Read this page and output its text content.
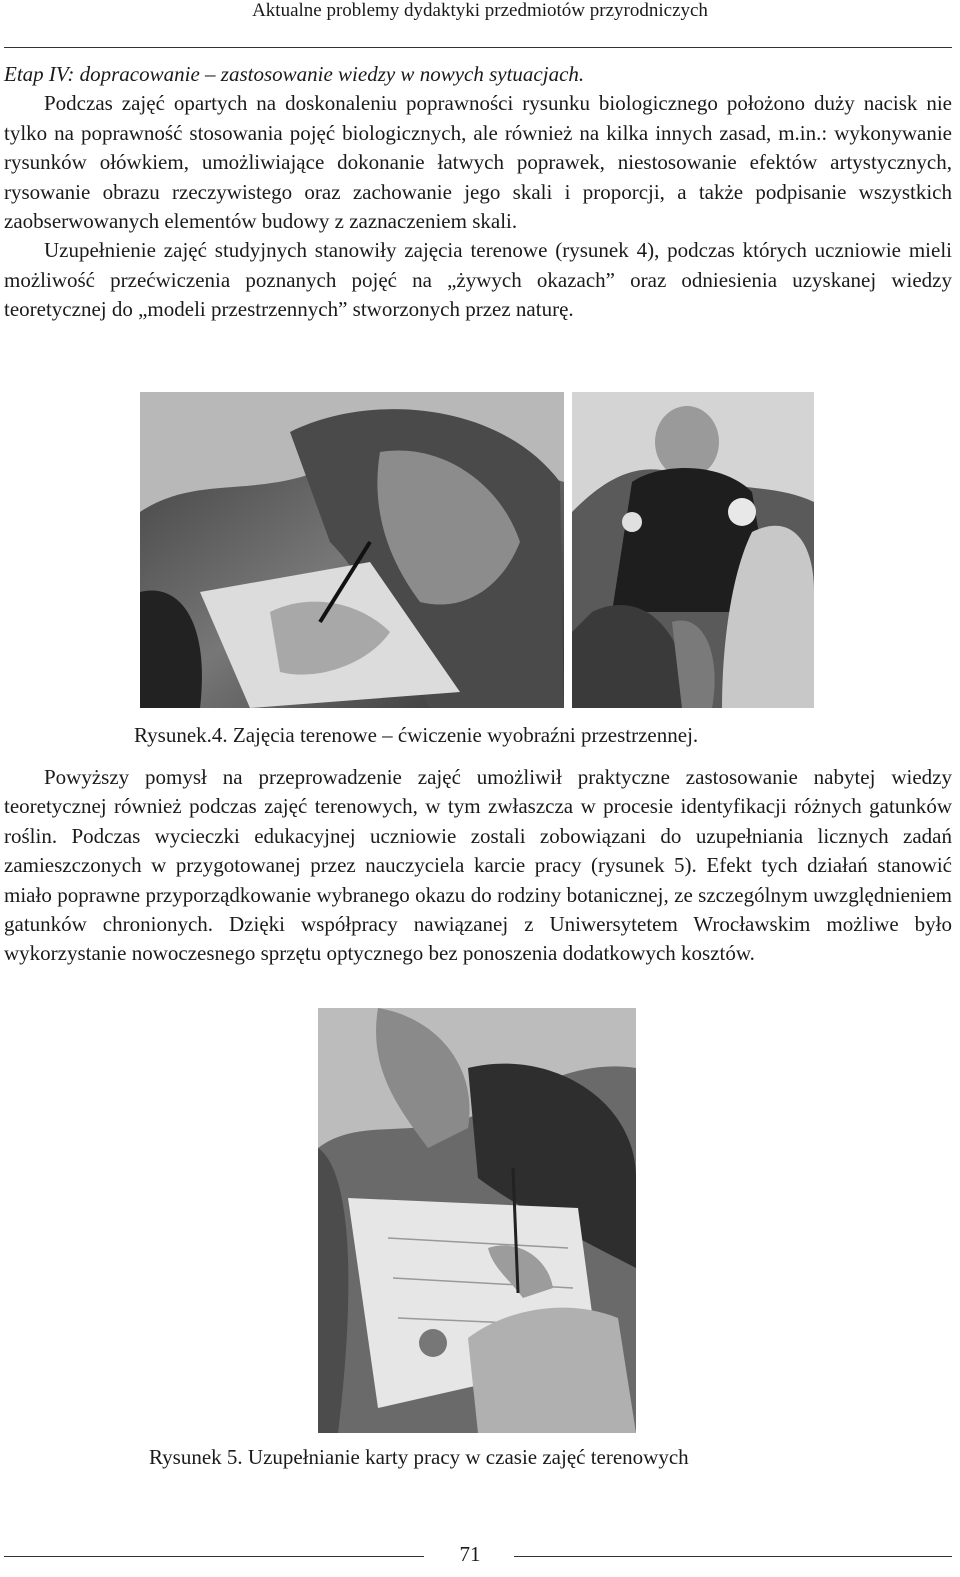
Aktualne problemy dydaktyki przedmiotów przyrodniczych

Etap IV: dopracowanie – zastosowanie wiedzy w nowych sytuacjach.

Podczas zajęć opartych na doskonaleniu poprawności rysunku biologicznego położono duży nacisk nie tylko na poprawność stosowania pojęć biologicznych, ale również na kilka innych zasad, m.in.: wykonywanie rysunków ołówkiem, umożliwiające dokonanie łatwych poprawek, niestosowanie efektów artystycznych, rysowanie obrazu rzeczywistego oraz zachowanie jego skali i proporcji, a także podpisanie wszystkich zaobserwowanych elementów budowy z zaznaczeniem skali.

Uzupełnienie zajęć studyjnych stanowiły zajęcia terenowe (rysunek 4), podczas których uczniowie mieli możliwość przećwiczenia poznanych pojęć na „żywych okazach” oraz odniesienia uzyskanej wiedzy teoretycznej do „modeli przestrzennych” stworzonych przez naturę.

Rysunek.4. Zajęcia terenowe – ćwiczenie wyobraźni przestrzennej.

Powyższy pomysł na przeprowadzenie zajęć umożliwił praktyczne zastosowanie nabytej wiedzy teoretycznej również podczas zajęć terenowych, w tym zwłaszcza w procesie identyfikacji różnych gatunków roślin. Podczas wycieczki edukacyjnej uczniowie zostali zobowiązani do uzupełniania licznych zadań zamieszczonych w przygotowanej przez nauczyciela karcie pracy (rysunek 5). Efekt tych działań stanowić miało poprawne przyporządkowanie wybranego okazu do rodziny botanicznej, ze szczególnym uwzględnieniem gatunków chronionych. Dzięki współpracy nawiązanej z Uniwersytetem Wrocławskim możliwe było wykorzystanie nowoczesnego sprzętu optycznego bez ponoszenia dodatkowych kosztów.

Rysunek 5. Uzupełnianie karty pracy w czasie zajęć terenowych
71
